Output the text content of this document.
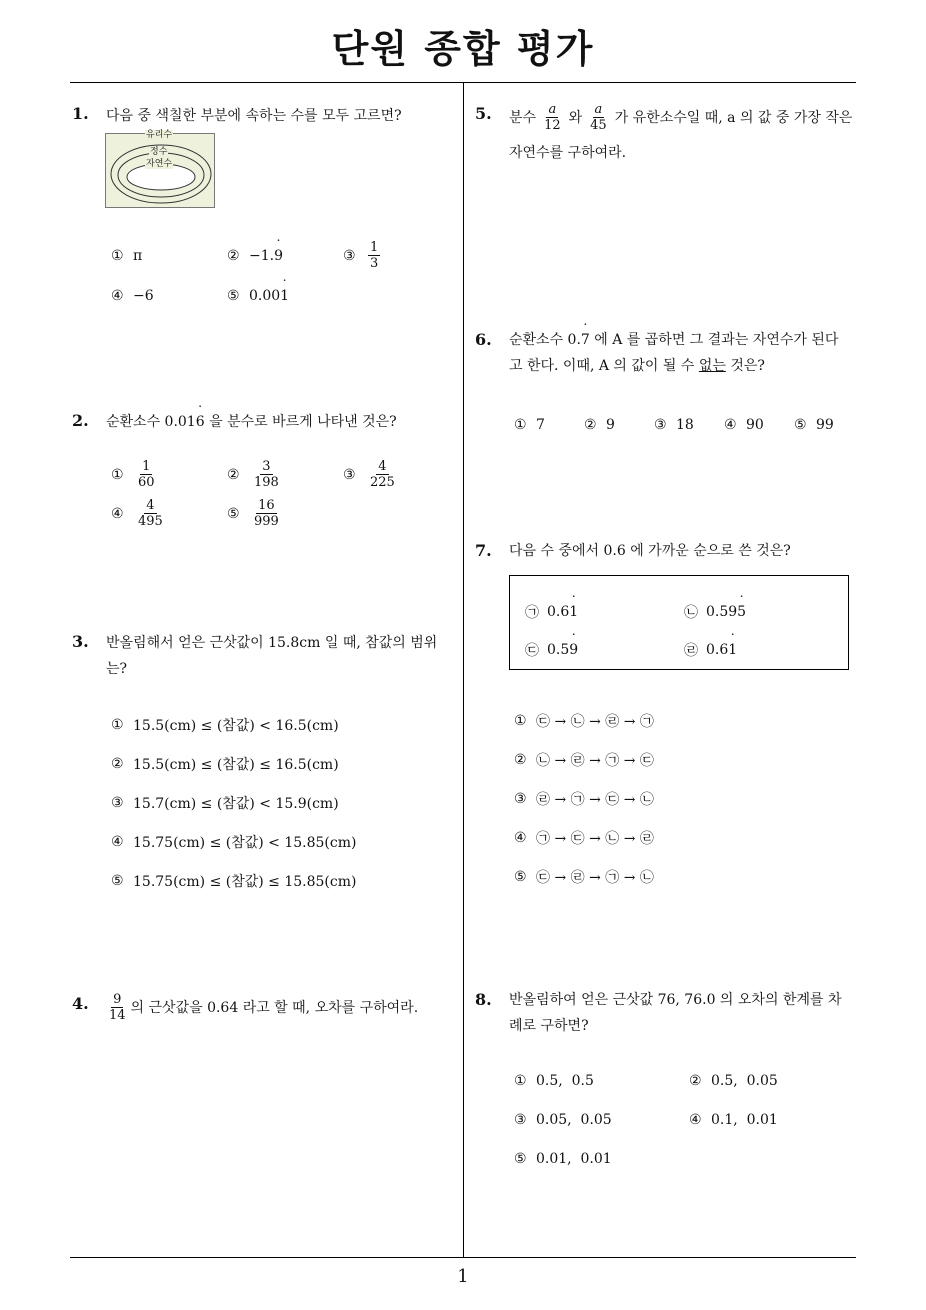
단원 종합 평가
1. 다음 중 색칠한 부분에 속하는 수를 모두 고르면?
유리수
정수
자연수
① π	② −1. 9 ˙	③ $\frac{1}{3}$
④ −6	⑤ 0.00 1 ˙
2. 순환소수 0.016 ˙ 을 분수로 바르게 나타낸 것은?
① $\frac{1}{60}$	② $\frac{3}{198}$	③ $\frac{4}{225}$
④ $\frac{4}{495}$	⑤ $\frac{16}{999}$
3. 반올림해서 얻은 근삿값이 15.8cm 일 때, 참값의 범위
는?
① 15.5(cm) ≤ (참값) < 16.5(cm)
② 15.5(cm) ≤ (참값) ≤ 16.5(cm)
③ 15.7(cm) ≤ (참값) < 15.9(cm)
④ 15.75(cm) ≤ (참값) < 15.85(cm)
⑤ 15.75(cm) ≤ (참값) ≤ 15.85(cm)
4. $\frac{9}{14}$ 의 근삿값을 0.64 라고 할 때, 오차를 구하여라.
5. 분수 $\frac{a}{12}$ 와 $\frac{a}{45}$ 가 유한소수일 때, a 의 값 중 가장 작은
자연수를 구하여라.
6. 순환소수 0.7 ˙ 에 A 를 곱하면 그 결과는 자연수가 된다
고 한다. 이때, A 의 값이 될 수 없는 것은?
① 7	② 9	③ 18 ④ 90 ⑤ 99
7. 다음 수 중에서 0.6 에 가까운 순으로 쓴 것은?
㉠ 0.6 1 ˙	㉡ 0.59 5 ˙
㉢ 0.5 9 ˙	㉣ 0.6 1 ˙
① ㉢ → ㉡ → ㉣ → ㉠
② ㉡ → ㉣ → ㉠ → ㉢
③ ㉣ → ㉠ → ㉢ → ㉡
④ ㉠ → ㉢ → ㉡ → ㉣
⑤ ㉢ → ㉣ → ㉠ → ㉡
8. 반올림하여 얻은 근삿값 76, 76.0 의 오차의 한계를 차
례로 구하면?
① 0.5,  0.5	② 0.5,  0.05
③ 0.05,  0.05	④ 0.1,  0.01
⑤ 0.01,  0.01
1
